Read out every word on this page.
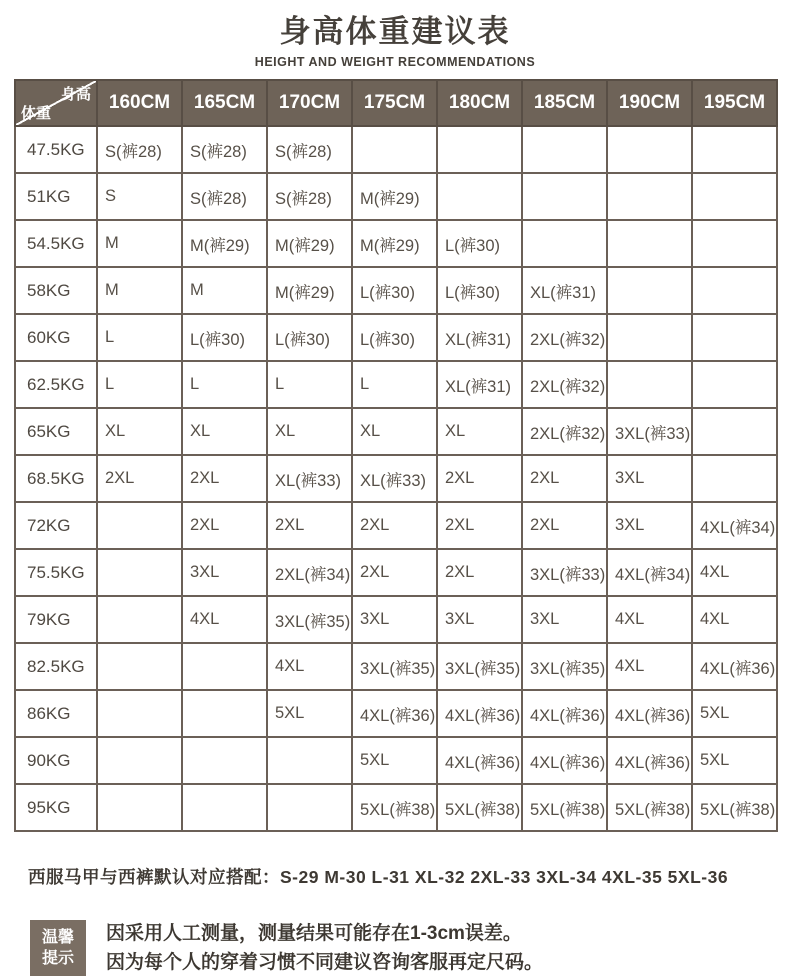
身高体重建议表
HEIGHT AND WEIGHT RECOMMENDATIONS
身高
体重	160CM	165CM	170CM	175CM	180CM	185CM	190CM	195CM
47.5KG	S(裤28)	S(裤28)	S(裤28)					
51KG	S	S(裤28)	S(裤28)	M(裤29)				
54.5KG	M	M(裤29)	M(裤29)	M(裤29)	L(裤30)			
58KG	M	M	M(裤29)	L(裤30)	L(裤30)	XL(裤31)		
60KG	L	L(裤30)	L(裤30)	L(裤30)	XL(裤31)	2XL(裤32)		
62.5KG	L	L	L	L	XL(裤31)	2XL(裤32)		
65KG	XL	XL	XL	XL	XL	2XL(裤32)	3XL(裤33)	
68.5KG	2XL	2XL	XL(裤33)	XL(裤33)	2XL	2XL	3XL	
72KG		2XL	2XL	2XL	2XL	2XL	3XL	4XL(裤34)
75.5KG		3XL	2XL(裤34)	2XL	2XL	3XL(裤33)	4XL(裤34)	4XL
79KG		4XL	3XL(裤35)	3XL	3XL	3XL	4XL	4XL
82.5KG			4XL	3XL(裤35)	3XL(裤35)	3XL(裤35)	4XL	4XL(裤36)
86KG			5XL	4XL(裤36)	4XL(裤36)	4XL(裤36)	4XL(裤36)	5XL
90KG				5XL	4XL(裤36)	4XL(裤36)	4XL(裤36)	5XL
95KG				5XL(裤38)	5XL(裤38)	5XL(裤38)	5XL(裤38)	5XL(裤38)
西服马甲与西裤默认对应搭配：S-29 M-30 L-31 XL-32 2XL-33 3XL-34 4XL-35 5XL-36
温馨
提示
因采用人工测量，测量结果可能存在1-3cm误差。
因为每个人的穿着习惯不同建议咨询客服再定尺码。
